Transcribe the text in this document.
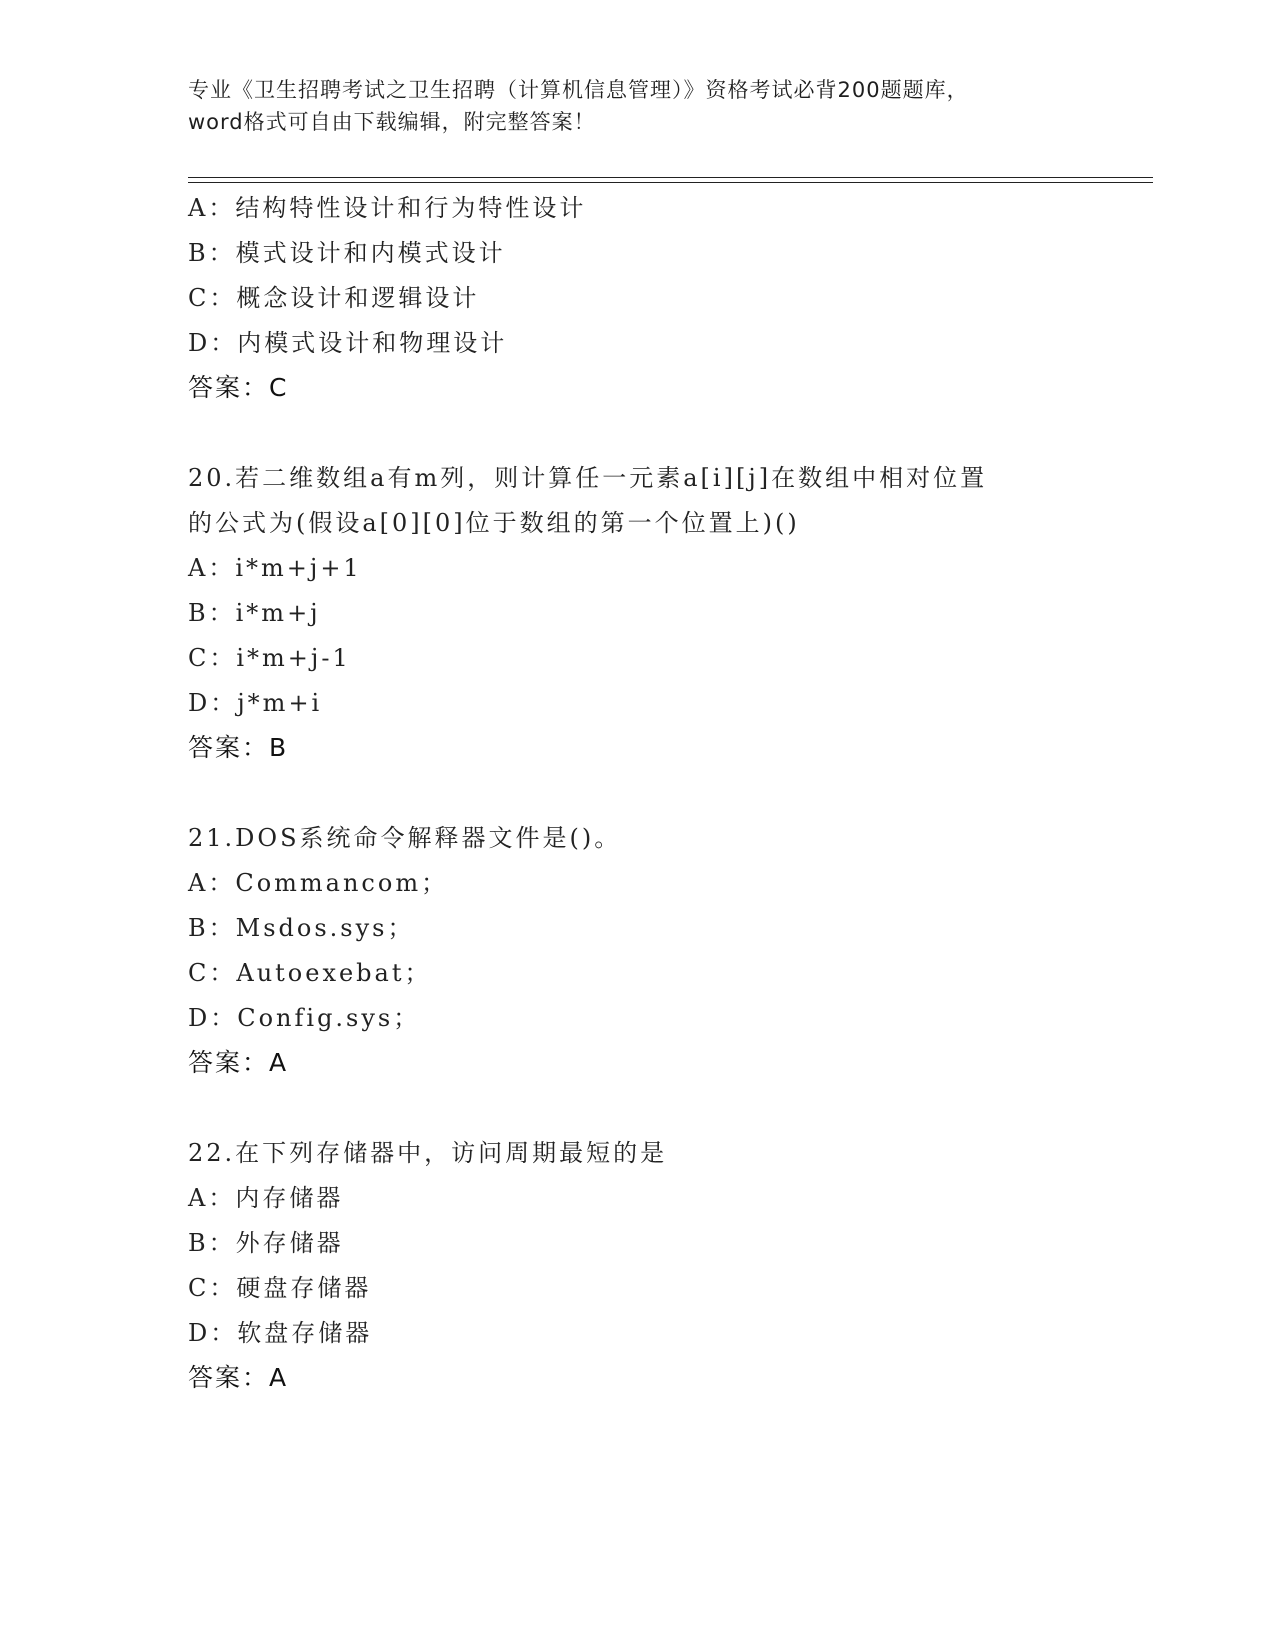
专业《卫生招聘考试之卫生招聘（计算机信息管理）》资格考试必背200题题库，
word格式可自由下载编辑，附完整答案！
A：结构特性设计和行为特性设计
B：模式设计和内模式设计
C：概念设计和逻辑设计
D：内模式设计和物理设计
答案：C
20.若二维数组a有m列，则计算任一元素a[i][j]在数组中相对位置
的公式为(假设a[0][0]位于数组的第一个位置上)()
A：i*m+j+1
B：i*m+j
C：i*m+j-1
D：j*m+i
答案：B
21.DOS系统命令解释器文件是()。
A：Commancom；
B：Msdos.sys；
C：Autoexebat；
D：Config.sys；
答案：A
22.在下列存储器中，访问周期最短的是
A：内存储器
B：外存储器
C：硬盘存储器
D：软盘存储器
答案：A
